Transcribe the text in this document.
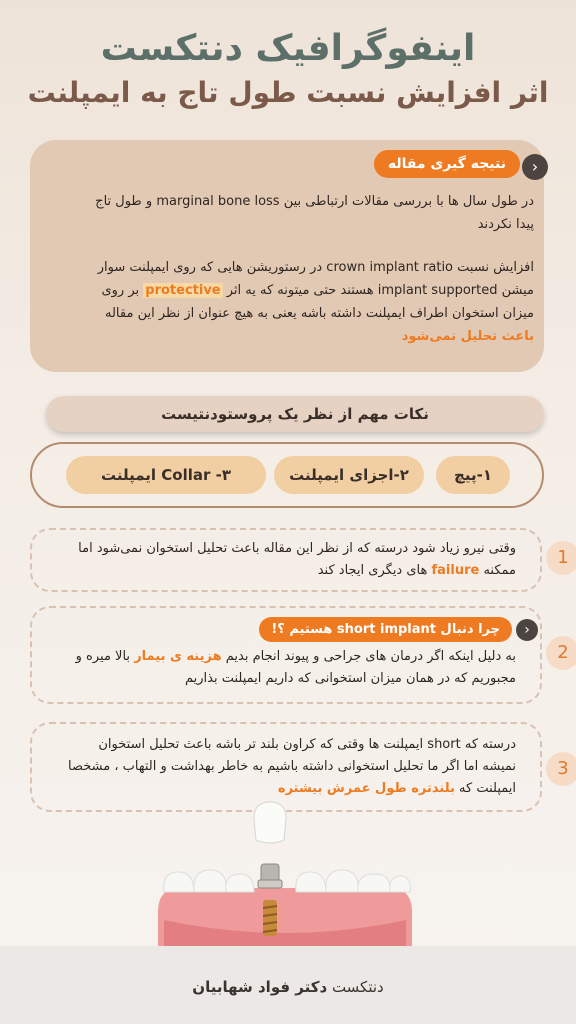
اینفوگرافیک دنتکست
اثر افزایش نسبت طول تاج به ایمپلنت
‹
نتیجه گیری مقاله
در طول سال ها با بررسی مقالات ارتباطی بین marginal bone loss و طول تاج
پیدا نکردند
افزایش نسبت crown implant ratio در رستوریشن هایی که روی ایمپلنت سوار
میشن implant supported هستند حتی میتونه که یه اثر protective بر روی
میزان استخوان اطراف ایمپلنت داشته باشه یعنی به هیچ عنوان از نظر این مقاله
باعث تحلیل نمی‌شود
نکات مهم از نظر یک پروستودنتیست
۱-پیچ
۲-اجزای ایمپلنت
۳- Collar ایمپلنت
1
وقتی نیرو زیاد شود درسته که از نظر این مقاله باعث تحلیل استخوان نمی‌شود اما
ممکنه failure های دیگری ایجاد کند
2
‹
چرا دنبال short implant هستیم ؟!
به دلیل اینکه اگر درمان های جراحی و پیوند انجام بدیم هزینه ی بیمار بالا میره و
مجبوریم که در همان میزان استخوانی که داریم ایمپلنت بذاریم
3
درسته که short ایمپلنت ها وقتی که کراون بلند تر باشه باعث تحلیل استخوان
نمیشه اما اگر ما تحلیل استخوانی داشته باشیم به خاطر بهداشت و التهاب ، مشخصا
ایمپلنت که بلندتره طول عمرش بیشتره
دنتکست دکتر فواد شهابیان
